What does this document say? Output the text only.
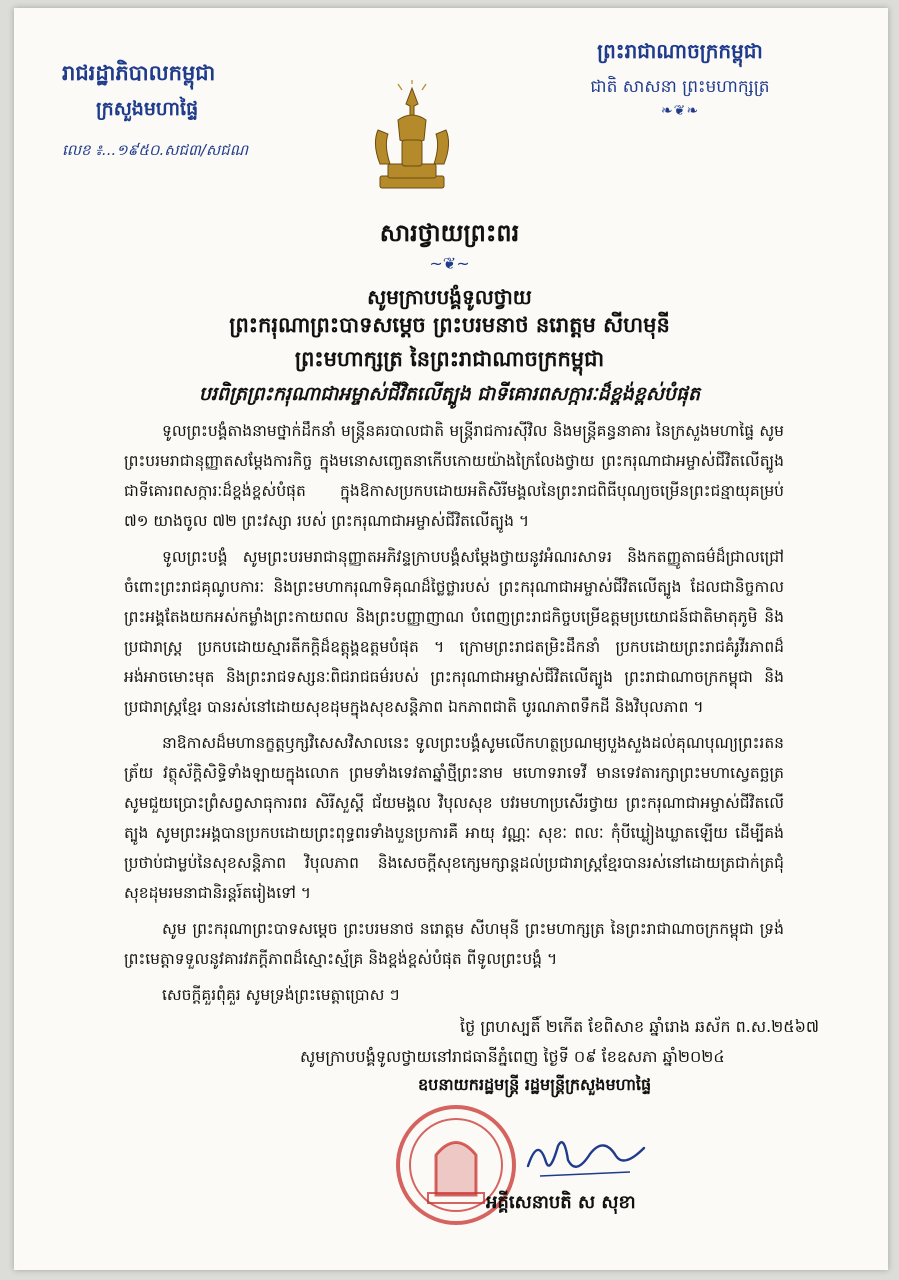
រាជរដ្ឋាភិបាលកម្ពុជា
ក្រសួងមហាផ្ទៃ
លេខ ៖...១៩៥០.សជ៣/សជណ
ព្រះរាជាណាចក្រកម្ពុជា
ជាតិ សាសនា ព្រះមហាក្សត្រ
❧❦❧
សារថ្វាយព្រះពរ
~❦~
សូមក្រាបបង្គំទូលថ្វាយ
ព្រះករុណាព្រះបាទសម្ដេច ព្រះបរមនាថ នរោត្តម សីហមុនី
ព្រះមហាក្សត្រ នៃព្រះរាជាណាចក្រកម្ពុជា
បរពិត្រព្រះករុណាជាអម្ចាស់ជីវិតលើត្បូង ជាទីគោរពសក្ការៈដ៏ខ្ពង់ខ្ពស់បំផុត

ទូលព្រះបង្គំតាងនាមថ្នាក់ដឹកនាំ មន្ត្រីនគរបាលជាតិ មន្ត្រីរាជការស៊ីវិល និងមន្ត្រីគន្ធនាគារ នៃក្រសួងមហាផ្ទៃ សូមព្រះបរមរាជានុញ្ញាតសម្ដែងការកិច្ច ក្នុងមនោសញ្ចេតនាកើបកោយយ៉ាងក្រៃលែងថ្វាយ ព្រះករុណាជាអម្ចាស់ជីវិតលើត្បូង ជាទីគោរពសក្ការៈដ៏ខ្ពង់ខ្ពស់បំផុត ក្នុងឱកាសប្រកបដោយអតិសិរីមង្គលនៃព្រះរាជពិធីបុណ្យចម្រើនព្រះជន្មាយុគម្រប់ ៧១ យាងចូល ៧២ ព្រះវស្សា របស់ ព្រះករុណាជាអម្ចាស់ជីវិតលើត្បូង ។

ទូលព្រះបង្គំ សូមព្រះបរមរាជានុញ្ញាតអភិវន្ទក្រាបបង្គំសម្ដែងថ្វាយនូវអំណរសាទរ និងកតញ្ញូតាធម៌ដ៏ជ្រាលជ្រៅ ចំពោះព្រះរាជគុណូបការៈ និងព្រះមហាករុណាទិគុណដ៏ថ្លៃថ្លារបស់ ព្រះករុណាជាអម្ចាស់ជីវិតលើត្បូង ដែលជានិច្ចកាល ព្រះអង្គតែងយកអស់កម្លាំងព្រះកាយពល និងព្រះបញ្ញាញាណ បំពេញព្រះរាជកិច្ចបម្រើឧត្ដមប្រយោជន៍ជាតិមាតុភូមិ និងប្រជារាស្ត្រ ប្រកបដោយស្មារតីកក្ដិដ៏ឧត្ដុង្គឧត្ដមបំផុត ។ ក្រោមព្រះរាជតម្រិះដឹកនាំ ប្រកបដោយព្រះរាជគំរូវីរភាពដ៏អង់អាចមោះមុត និងព្រះរាជទស្សនៈពិជរាជធម៌របស់ ព្រះករុណាជាអម្ចាស់ជីវិតលើត្បូង ព្រះរាជាណាចក្រកម្ពុជា និងប្រជារាស្ត្រខ្មែរ បានរស់នៅដោយសុខដុមក្នុងសុខសន្តិភាព ឯកភាពជាតិ បូរណភាពទឹកដី និងវិបុលភាព ។

នាឱកាសដ៏មហានក្ខត្តឫក្សវិសេសវិសាលនេះ ទូលព្រះបង្គំសូមលើកហត្ថប្រណម្យបួងសួងដល់គុណបុណ្យព្រះរតនត្រ័យ វត្ថុស័ក្តិសិទ្ធិទាំងឡាយក្នុងលោក ព្រមទាំងទេវតាឆ្នាំថ្មីព្រះនាម មហោទរាទេវី មានទេវតារក្សាព្រះមហាស្វេតច្ឆត្រ សូមជួយប្រោះព្រំសព្វសាធុការពរ សិរីសួស្ដី ជ័យមង្គល វិបុលសុខ បវរមហាប្រសើរថ្វាយ ព្រះករុណាជាអម្ចាស់ជីវិតលើត្បូង សូមព្រះអង្គបានប្រកបដោយព្រះពុទ្ធពរទាំងបួនប្រការគឺ អាយុ វណ្ណៈ សុខៈ ពលៈ កុំបីឃ្លៀងឃ្លាតឡើយ ដើម្បីគង់ប្រថាប់ជាម្លប់នៃសុខសន្តិភាព វិបុលភាព និងសេចក្ដីសុខក្សេមក្សាន្តដល់ប្រជារាស្ត្រខ្មែរបានរស់នៅដោយត្រជាក់ត្រជុំសុខដុមរមនាជានិរន្តរ៍តរៀងទៅ ។

សូម ព្រះករុណាព្រះបាទសម្ដេច ព្រះបរមនាថ នរោត្តម សីហមុនី ព្រះមហាក្សត្រ នៃព្រះរាជាណាចក្រកម្ពុជា ទ្រង់ព្រះមេត្តាទទួលនូវគារវភក្តីភាពដ៏ស្មោះស្ម័គ្រ និងខ្ពង់ខ្ពស់បំផុត ពីទូលព្រះបង្គំ ។

សេចក្ដីគួរពុំគួរ សូមទ្រង់ព្រះមេត្តាប្រោស ៗ

ថ្ងៃ ព្រហស្បតិ៍ ២កើត ខែពិសាខ ឆ្នាំរោង ឆស័ក ព.ស.២៥៦៧
សូមក្រាបបង្គំទូលថ្វាយនៅរាជធានីភ្នំពេញ ថ្ងៃទី ០៩ ខែឧសភា ឆ្នាំ២០២៤
ឧបនាយករដ្ឋមន្ត្រី រដ្ឋមន្ត្រីក្រសួងមហាផ្ទៃ
អគ្គីសេនាបតិ ស សុខា
